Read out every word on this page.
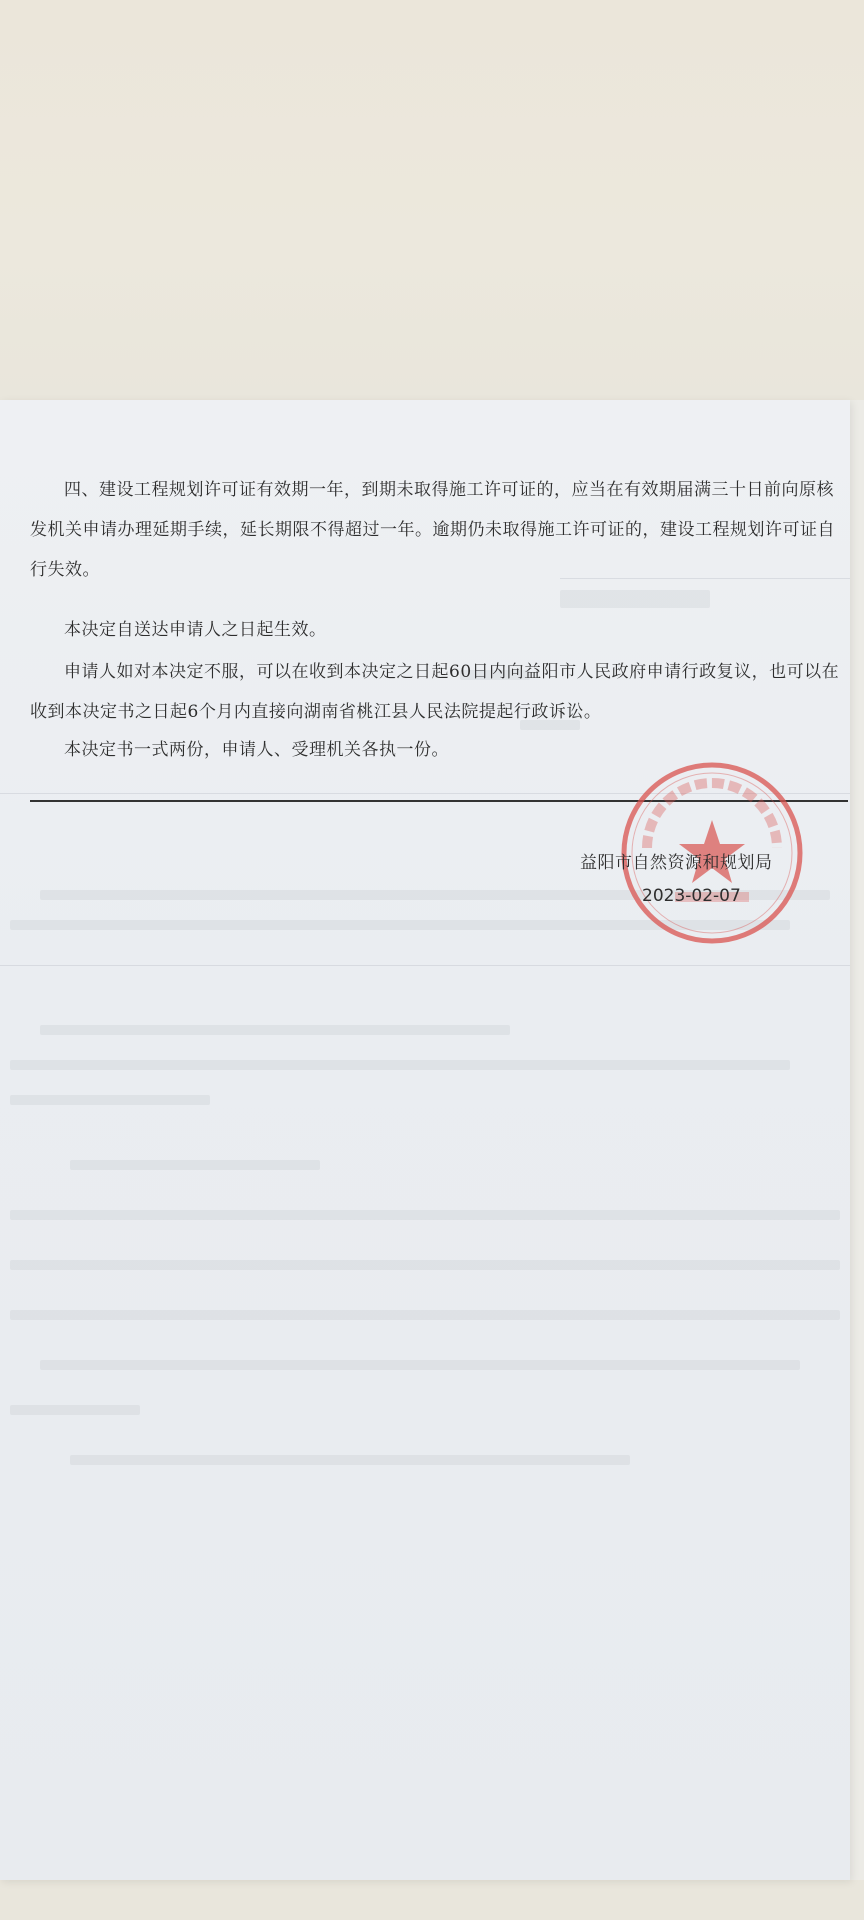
四、建设工程规划许可证有效期一年，到期未取得施工许可证的，应当在有效期届满三十日前向原核发机关申请办理延期手续，延长期限不得超过一年。逾期仍未取得施工许可证的，建设工程规划许可证自行失效。

本决定自送达申请人之日起生效。

申请人如对本决定不服，可以在收到本决定之日起60日内向益阳市人民政府申请行政复议，也可以在收到本决定书之日起6个月内直接向湖南省桃江县人民法院提起行政诉讼。

本决定书一式两份，申请人、受理机关各执一份。

益阳市自然资源和规划局
2023-02-07
